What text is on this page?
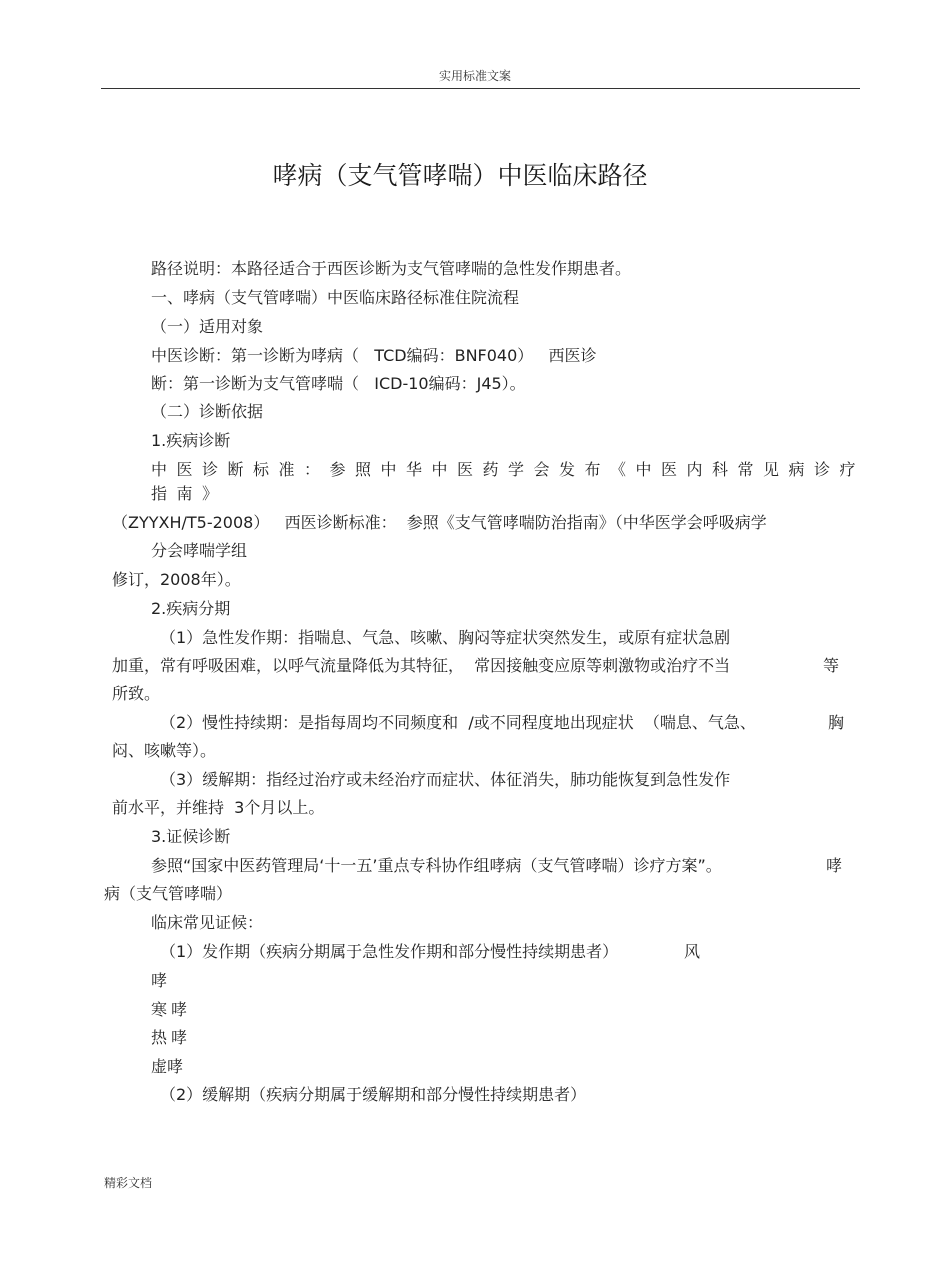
实用标准文案
哮病（支气管哮喘）中医临床路径
路径说明：本路径适合于西医诊断为支气管哮喘的急性发作期患者。
一、哮病（支气管哮喘）中医临床路径标准住院流程
（一）适用对象
中医诊断：第一诊断为哮病（   TCD编码：BNF040）   西医诊
断：第一诊断为支气管哮喘（   ICD-10编码：J45）。
（二）诊断依据
1.疾病诊断
中医诊断标准：参照中华中医药学会发布《中医内科常见病诊疗
指南》
（ZYYXH/T5-2008）   西医诊断标准：  参照《支气管哮喘防治指南》（中华医学会呼吸病学
分会哮喘学组
修订，2008年）。
2.疾病分期
（1）急性发作期：指喘息、气急、咳嗽、胸闷等症状突然发生，或原有症状急剧
加重，常有呼吸困难，以呼气流量降低为其特征，  常因接触变应原等刺激物或治疗不当	等
所致。
（2）慢性持续期：是指每周均不同频度和  /或不同程度地出现症状  （喘息、气急、	胸
闷、咳嗽等）。
（3）缓解期：指经过治疗或未经治疗而症状、体征消失，肺功能恢复到急性发作
前水平，并维持  3个月以上。
3.证候诊断
参照“国家中医药管理局‘十一五’重点专科协作组哮病（支气管哮喘）诊疗方案”。	哮
病（支气管哮喘）
临床常见证候：
（1）发作期（疾病分期属于急性发作期和部分慢性持续期患者）	风
哮
寒哮
热哮
虚哮
（2）缓解期（疾病分期属于缓解期和部分慢性持续期患者）
精彩文档
